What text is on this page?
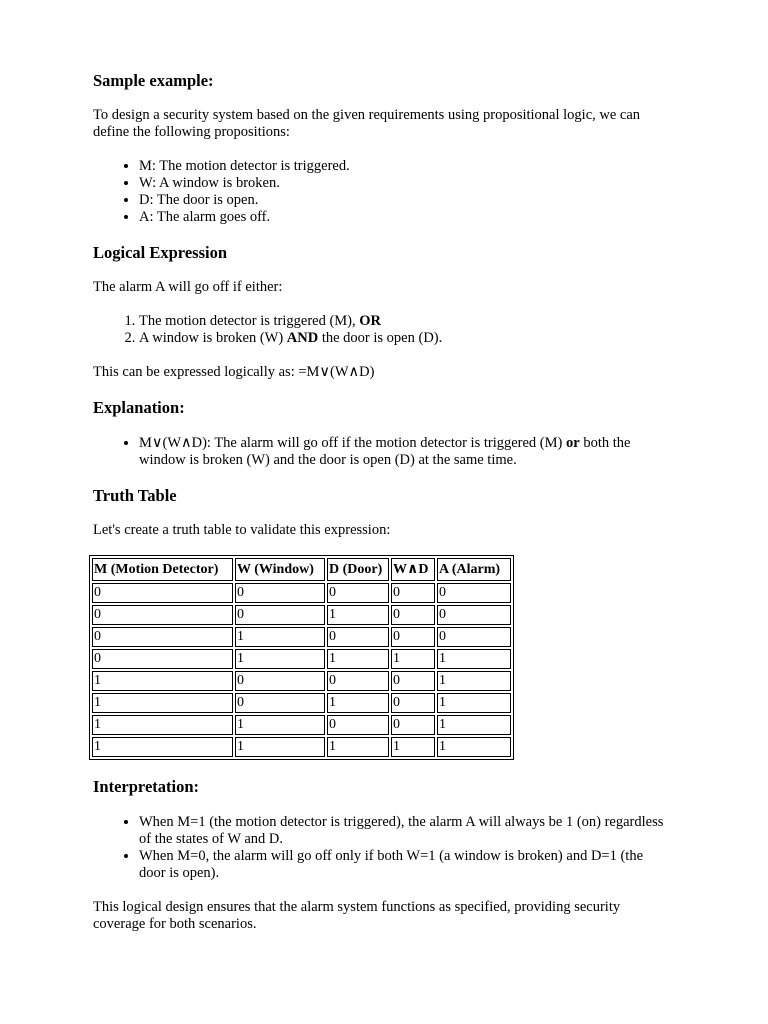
Sample example:

To design a security system based on the given requirements using propositional logic, we can define the following propositions:

• M: The motion detector is triggered.
• W: A window is broken.
• D: The door is open.
• A: The alarm goes off.
Logical Expression

The alarm A will go off if either:

1. The motion detector is triggered (M), OR
2. A window is broken (W) AND the door is open (D).

This can be expressed logically as: =M∨(W∧D)

Explanation:
• M∨(W∧D): The alarm will go off if the motion detector is triggered (M) or both the window is broken (W) and the door is open (D) at the same time.
Truth Table

Let's create a truth table to validate this expression:

M (Motion Detector)	W (Window)	D (Door)	W∧D	A (Alarm)
0	0	0	0	0
0	0	1	0	0
0	1	0	0	0
0	1	1	1	1
1	0	0	0	1
1	0	1	0	1
1	1	0	0	1
1	1	1	1	1
Interpretation:
• When M=1 (the motion detector is triggered), the alarm A will always be 1 (on) regardless of the states of W and D.
• When M=0, the alarm will go off only if both W=1 (a window is broken) and D=1 (the door is open).

This logical design ensures that the alarm system functions as specified, providing security coverage for both scenarios.
